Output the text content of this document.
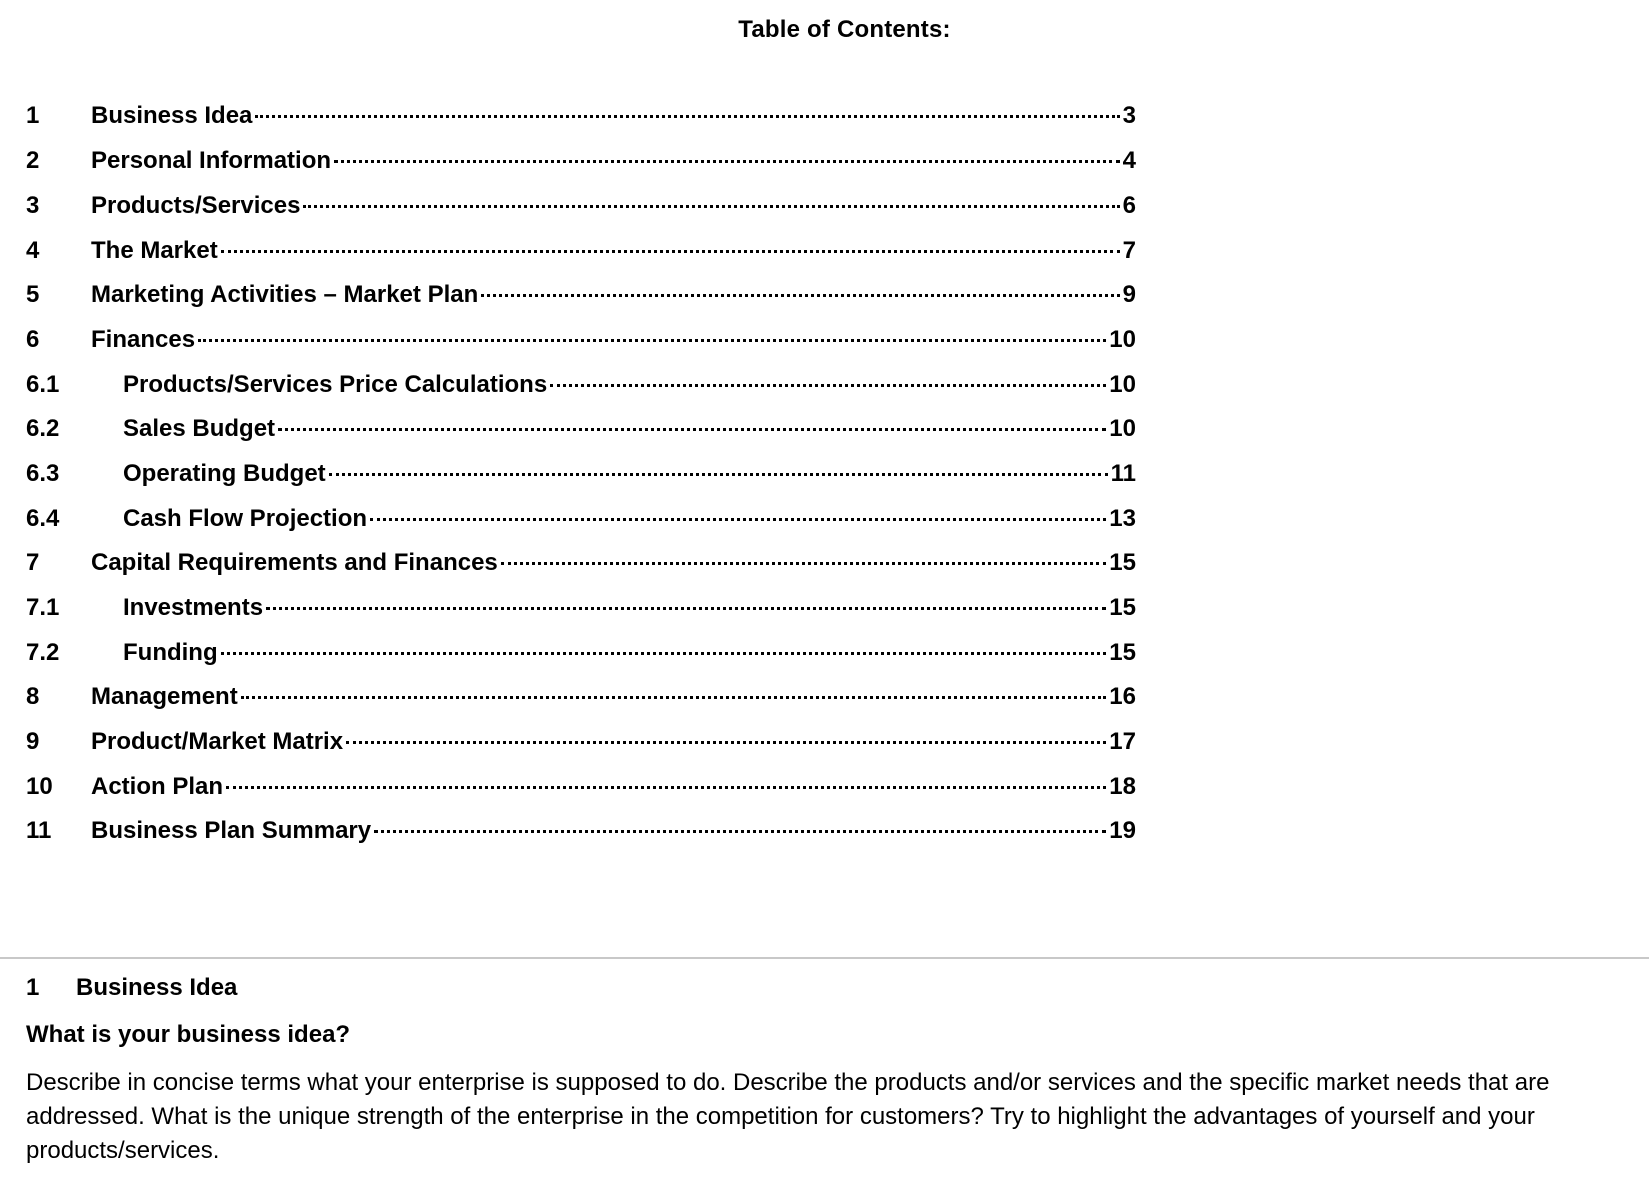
Table of Contents:
1 Business Idea	3
2 Personal Information	4
3 Products/Services	6
4 The Market	7
5 Marketing Activities – Market Plan	9
6 Finances	10
6.1	Products/Services Price Calculations	10
6.2	Sales Budget	10
6.3	Operating Budget	11
6.4	Cash Flow Projection	13
7 Capital Requirements and Finances	15
7.1	Investments	15
7.2	Funding	15
8 Management	16
9 Product/Market Matrix	17
10 Action Plan	18
11 Business Plan Summary	19
1	Business Idea
What is your business idea?
Describe in concise terms what your enterprise is supposed to do. Describe the products and/or services and the specific market needs that are addressed. What is the unique strength of the enterprise in the competition for customers? Try to highlight the advantages of yourself and your products/services.
